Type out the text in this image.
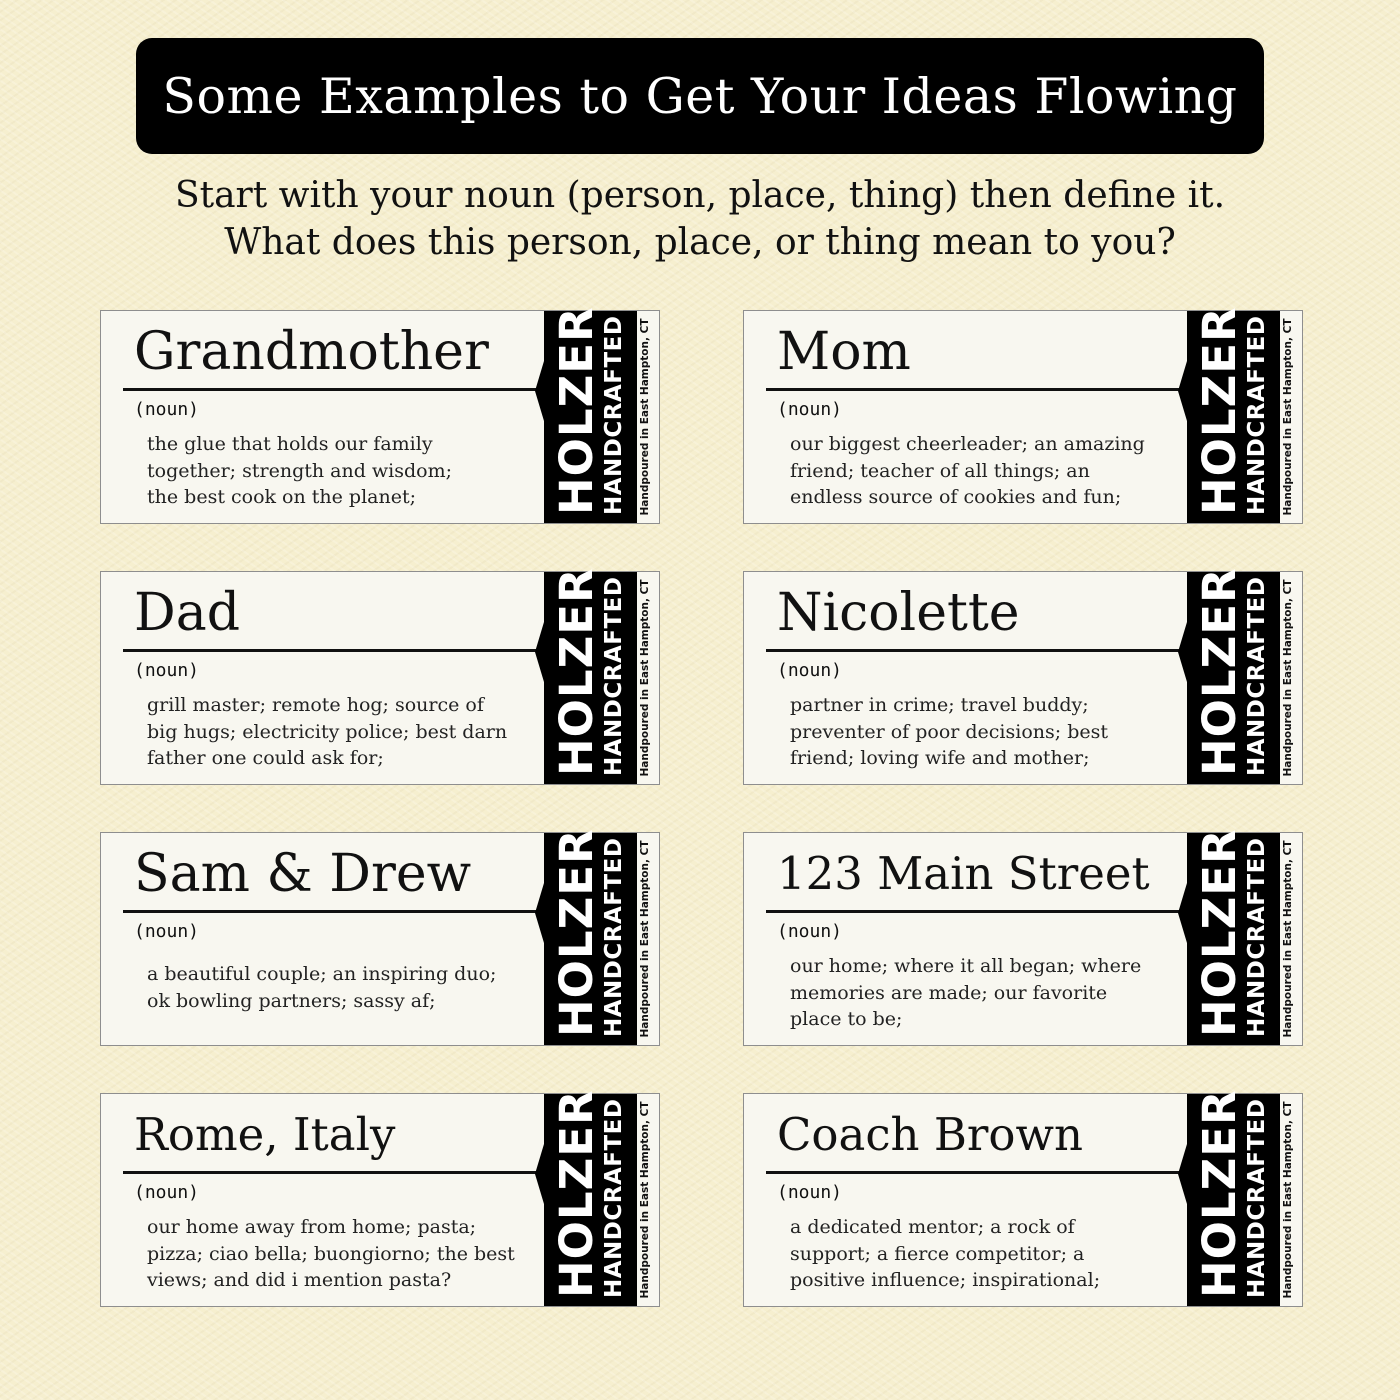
Some Examples to Get Your Ideas Flowing
Start with your noun (person, place, thing) then define it.
What does this person, place, or thing mean to you?
Grandmother
(noun)
the glue that holds our family
together; strength and wisdom;
the best cook on the planet;	HOLZER
HANDCRAFTED Handpoured in East Hampton, CT Mom
(noun)
our biggest cheerleader; an amazing
friend; teacher of all things; an
endless source of cookies and fun;	HOLZER
HANDCRAFTED Handpoured in East Hampton, CT
Dad
(noun)
grill master; remote hog; source of
big hugs; electricity police; best darn
father one could ask for;	HOLZER
HANDCRAFTED Handpoured in East Hampton, CT Nicolette
(noun)
partner in crime; travel buddy;
preventer of poor decisions; best
friend; loving wife and mother;	HOLZER
HANDCRAFTED Handpoured in East Hampton, CT
Sam & Drew
(noun)
a beautiful couple; an inspiring duo;
ok bowling partners; sassy af;	HOLZER
HANDCRAFTED Handpoured in East Hampton, CT	123 Main Street
(noun)
our home; where it all began; where
memories are made; our favorite
place to be;	HOLZER
HANDCRAFTED Handpoured in East Hampton, CT
Rome, Italy
(noun)
our home away from home; pasta;
pizza; ciao bella; buongiorno; the best
views; and did i mention pasta?	HOLZER
HANDCRAFTED Handpoured in East Hampton, CT	Coach Brown
(noun)
a dedicated mentor; a rock of
support; a fierce competitor; a
positive influence; inspirational;	HOLZER
HANDCRAFTED Handpoured in East Hampton, CT
